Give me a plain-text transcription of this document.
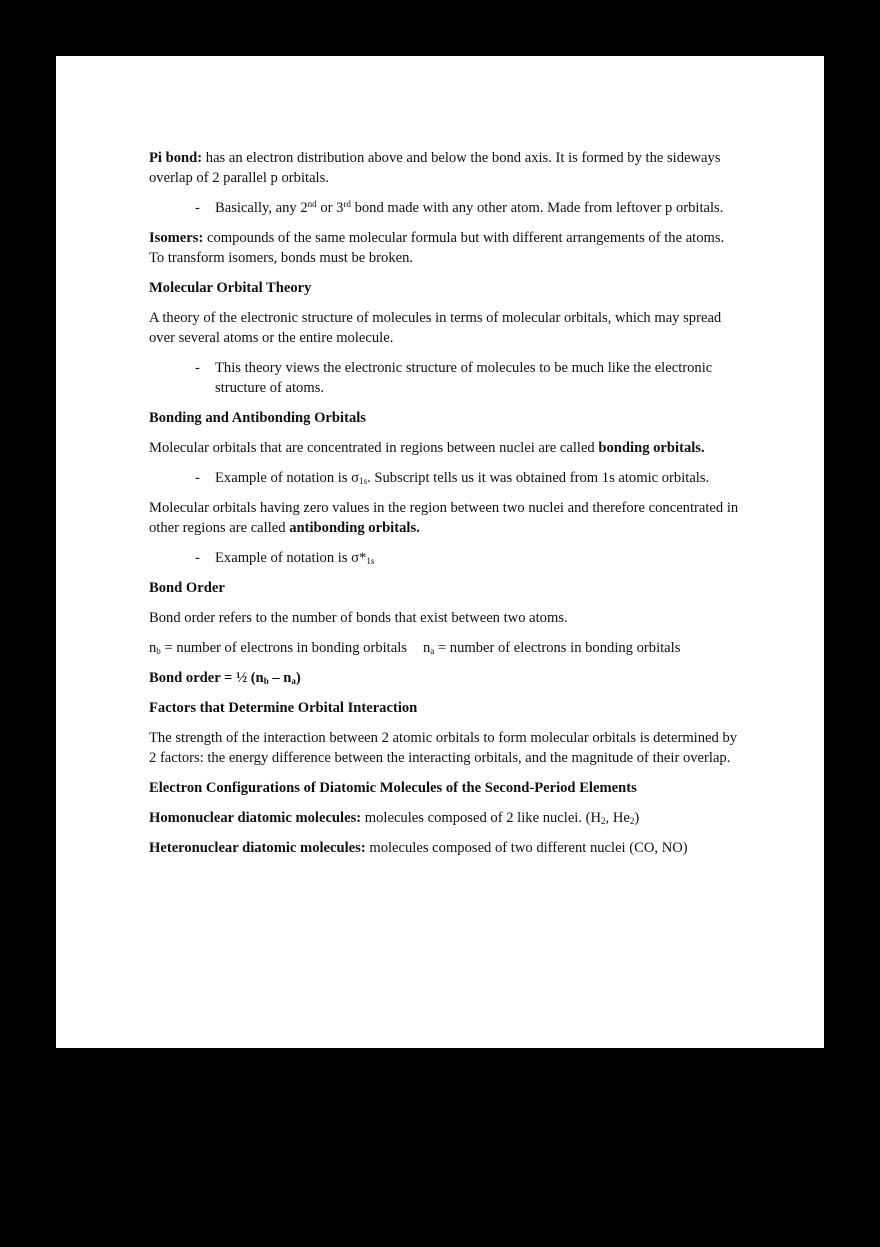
Pi bond: has an electron distribution above and below the bond axis. It is formed by the sideways overlap of 2 parallel p orbitals.

- Basically, any 2nd or 3rd bond made with any other atom. Made from leftover p orbitals.

Isomers: compounds of the same molecular formula but with different arrangements of the atoms. To transform isomers, bonds must be broken.

Molecular Orbital Theory

A theory of the electronic structure of molecules in terms of molecular orbitals, which may spread over several atoms or the entire molecule.

- This theory views the electronic structure of molecules to be much like the electronic structure of atoms.

Bonding and Antibonding Orbitals

Molecular orbitals that are concentrated in regions between nuclei are called bonding orbitals.

- Example of notation is $\sigma_{1s}$. Subscript tells us it was obtained from 1s atomic orbitals.

Molecular orbitals having zero values in the region between two nuclei and therefore concentrated in other regions are called antibonding orbitals.

- Example of notation is $\sigma*_{1s}$

Bond Order

Bond order refers to the number of bonds that exist between two atoms.

$n_b$ = number of electrons in bonding orbitals $n_a$ = number of electrons in bonding orbitals

Bond order = ½ $(n_b - n_a)$

Factors that Determine Orbital Interaction

The strength of the interaction between 2 atomic orbitals to form molecular orbitals is determined by 2 factors: the energy difference between the interacting orbitals, and the magnitude of their overlap.

Electron Configurations of Diatomic Molecules of the Second-Period Elements

Homonuclear diatomic molecules: molecules composed of 2 like nuclei. ($H_2$, $He_2$)

Heteronuclear diatomic molecules: molecules composed of two different nuclei (CO, NO)
